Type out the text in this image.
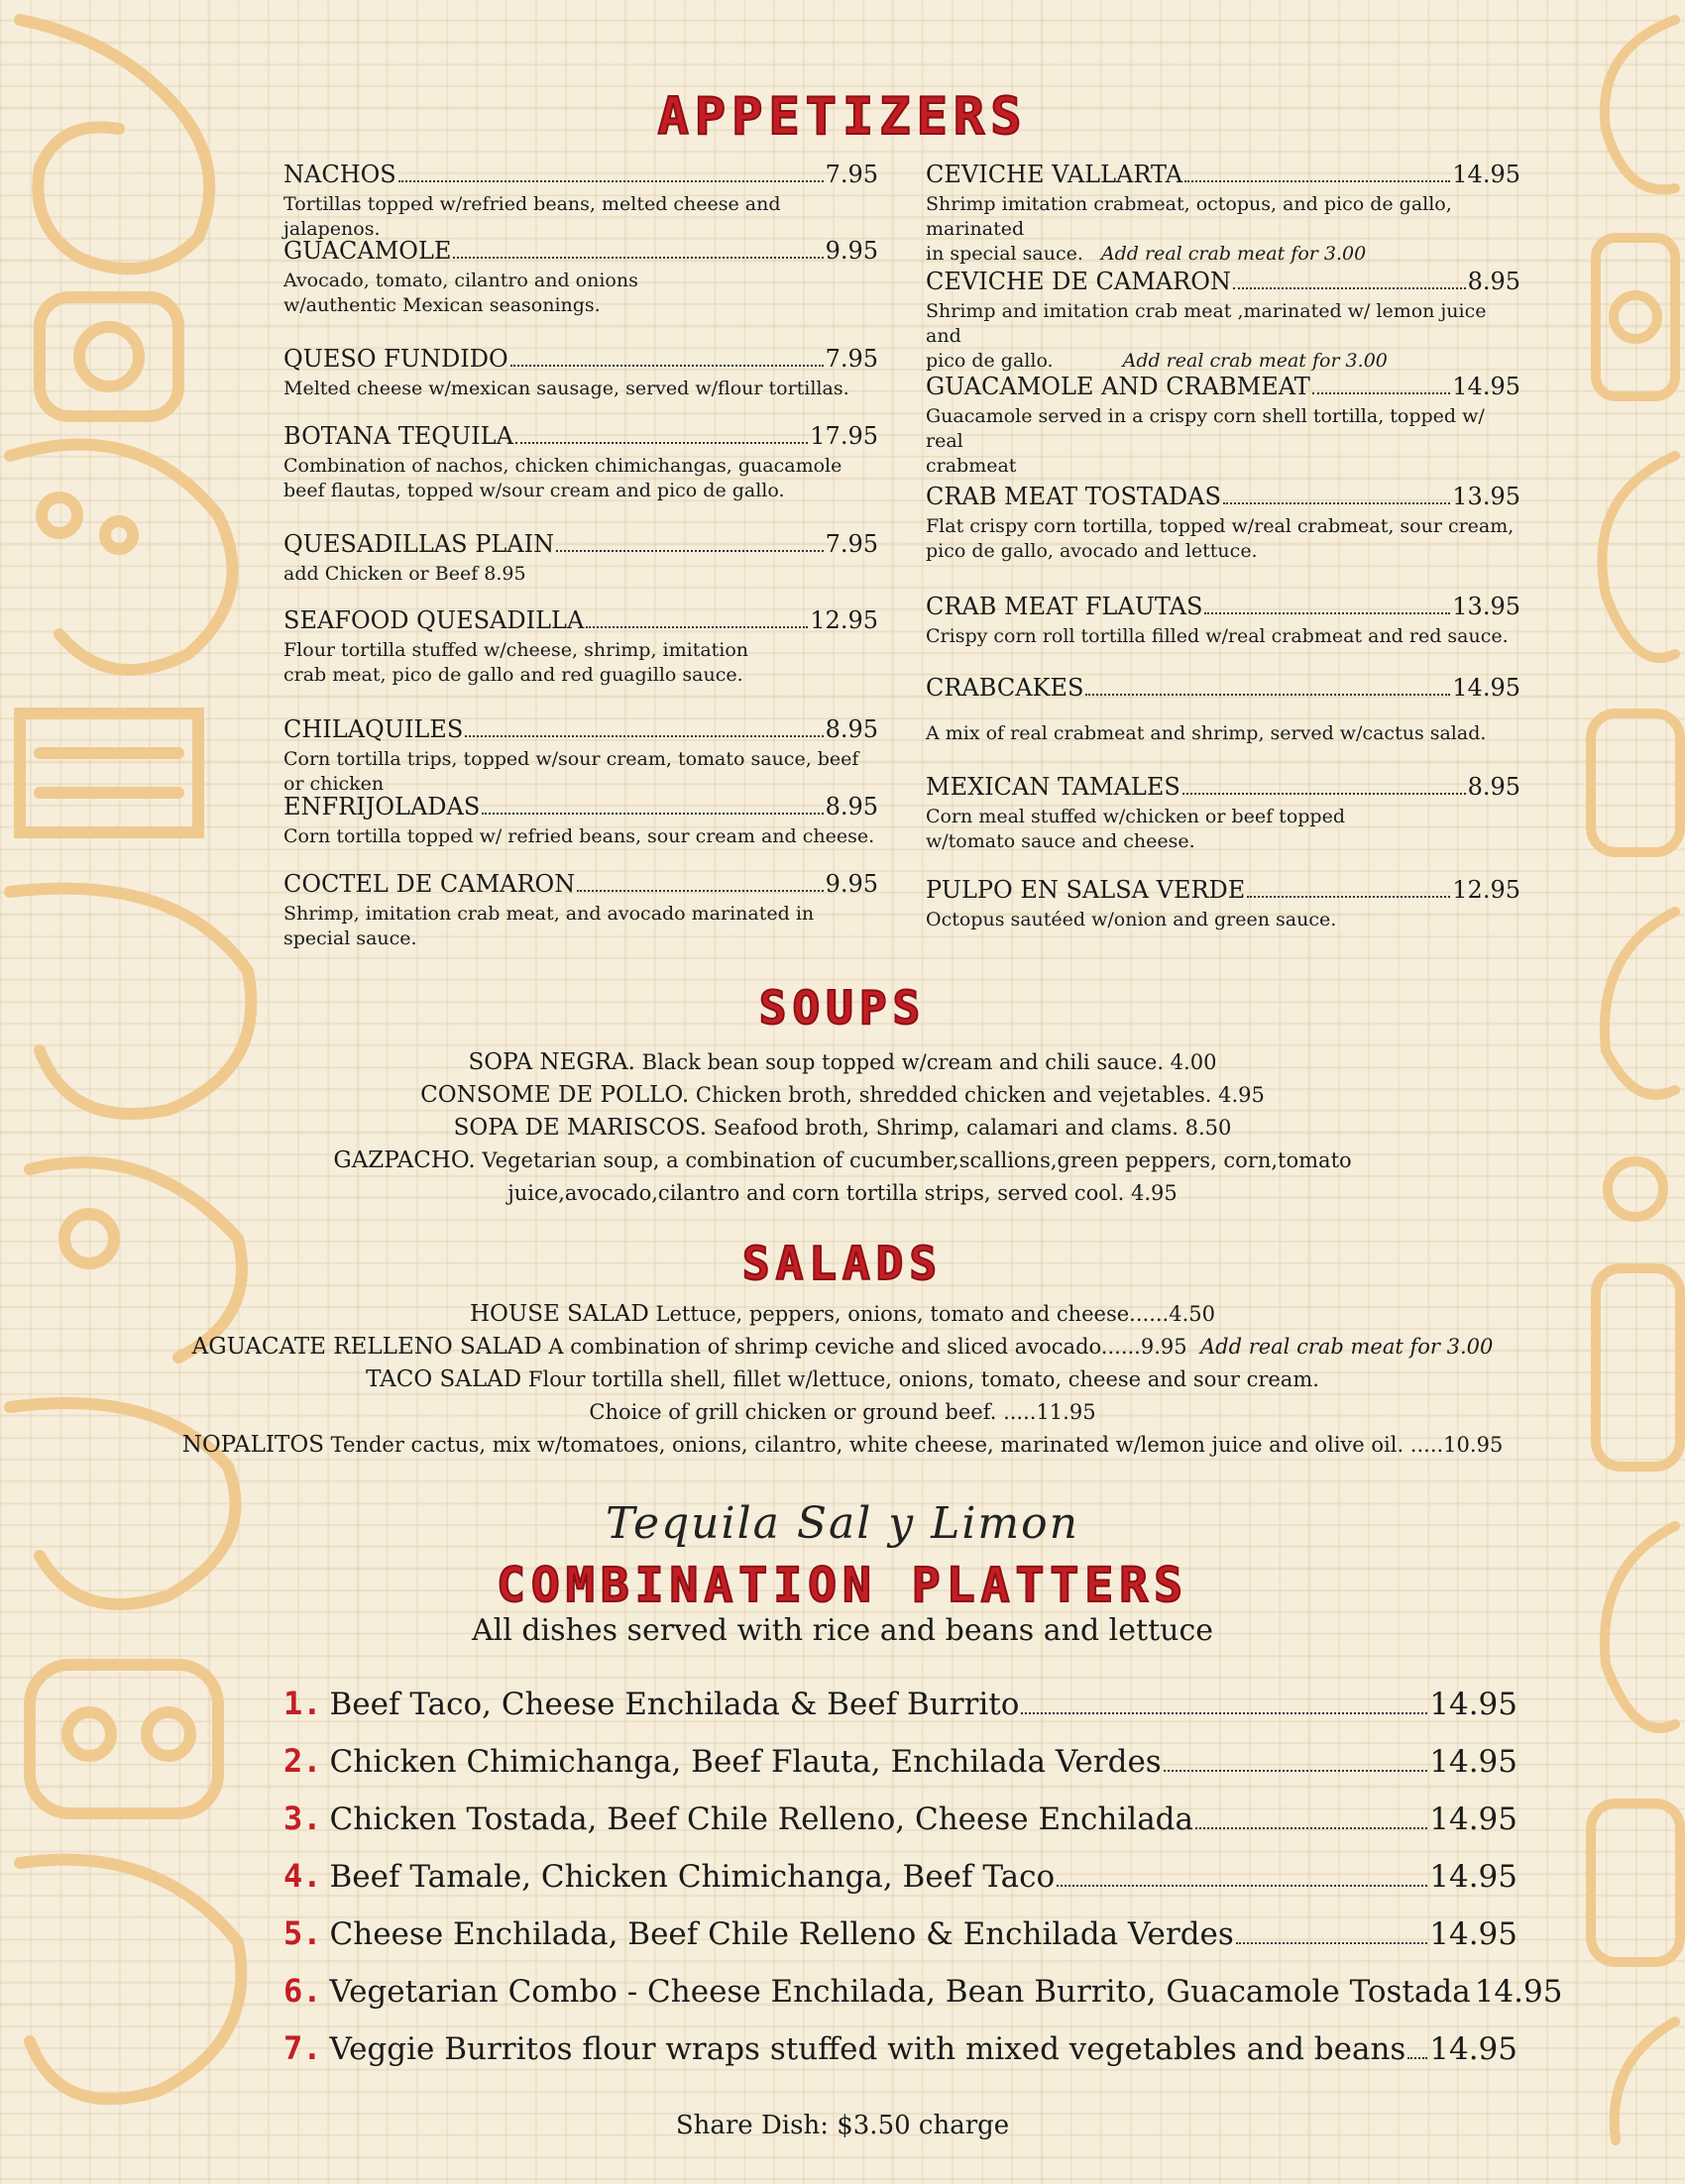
APPETIZERS
NACHOS	7.95
Tortillas topped w/refried beans, melted cheese and jalapenos.
GUACAMOLE	9.95
Avocado, tomato, cilantro and onions
w/authentic Mexican seasonings.
QUESO FUNDIDO	7.95
Melted cheese w/mexican sausage, served w/flour tortillas.
BOTANA TEQUILA	17.95
Combination of nachos, chicken chimichangas, guacamole
beef flautas, topped w/sour cream and pico de gallo.
QUESADILLAS PLAIN	7.95
add Chicken or Beef 8.95
SEAFOOD QUESADILLA	12.95
Flour tortilla stuffed w/cheese, shrimp, imitation
crab meat, pico de gallo and red guagillo sauce.
CHILAQUILES	8.95
Corn tortilla trips, topped w/sour cream, tomato sauce, beef or chicken
ENFRIJOLADAS	8.95
Corn tortilla topped w/ refried beans, sour cream and cheese.
COCTEL DE CAMARON	9.95
Shrimp, imitation crab meat, and avocado marinated in special sauce.
CEVICHE VALLARTA	14.95
Shrimp imitation crabmeat, octopus, and pico de gallo, marinated
in special sauce. Add real crab meat for 3.00
CEVICHE DE CAMARON	8.95
Shrimp and imitation crab meat ,marinated w/ lemon juice and
pico de gallo.	Add real crab meat for 3.00
GUACAMOLE AND CRABMEAT	14.95
Guacamole served in a crispy corn shell tortilla, topped w/ real
crabmeat
CRAB MEAT TOSTADAS	13.95
Flat crispy corn tortilla, topped w/real crabmeat, sour cream,
pico de gallo, avocado and lettuce.
CRAB MEAT FLAUTAS	13.95
Crispy corn roll tortilla filled w/real crabmeat and red sauce.
CRABCAKES	14.95
A mix of real crabmeat and shrimp, served w/cactus salad.
MEXICAN TAMALES	8.95
Corn meal stuffed w/chicken or beef topped
w/tomato sauce and cheese.
PULPO EN SALSA VERDE	12.95
Octopus sautéed w/onion and green sauce.
SOUPS
SOPA NEGRA. Black bean soup topped w/cream and chili sauce. 4.00
CONSOME DE POLLO. Chicken broth, shredded chicken and vejetables. 4.95
SOPA DE MARISCOS. Seafood broth, Shrimp, calamari and clams. 8.50
GAZPACHO. Vegetarian soup, a combination of cucumber,scallions,green peppers, corn,tomato
juice,avocado,cilantro and corn tortilla strips, served cool. 4.95
SALADS
HOUSE SALAD Lettuce, peppers, onions, tomato and cheese......4.50
AGUACATE RELLENO SALAD A combination of shrimp ceviche and sliced avocado......9.95 Add real crab meat for 3.00
TACO SALAD Flour tortilla shell, fillet w/lettuce, onions, tomato, cheese and sour cream.
Choice of grill chicken or ground beef. .....11.95
NOPALITOS Tender cactus, mix w/tomatoes, onions, cilantro, white cheese, marinated w/lemon juice and olive oil. .....10.95
Tequila Sal y Limon
COMBINATION PLATTERS
All dishes served with rice and beans and lettuce
1. Beef Taco, Cheese Enchilada & Beef Burrito	14.95
2. Chicken Chimichanga, Beef Flauta, Enchilada Verdes	14.95
3. Chicken Tostada, Beef Chile Relleno, Cheese Enchilada	14.95
4. Beef Tamale, Chicken Chimichanga, Beef Taco	14.95
5. Cheese Enchilada, Beef Chile Relleno & Enchilada Verdes	14.95
6. Vegetarian Combo - Cheese Enchilada, Bean Burrito, Guacamole Tostada 14.95
7. Veggie Burritos flour wraps stuffed with mixed vegetables and beans 14.95
Share Dish: $3.50 charge
